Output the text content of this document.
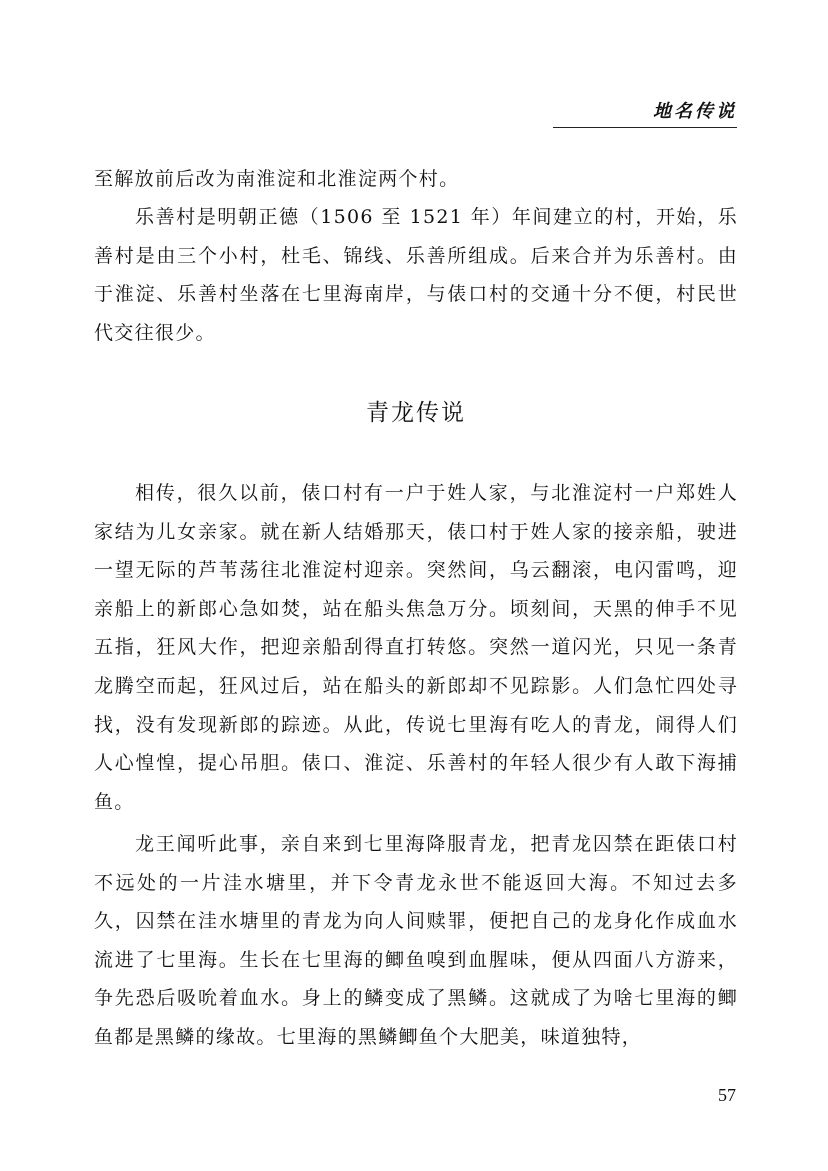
地名传说

至解放前后改为南淮淀和北淮淀两个村。

乐善村是明朝正德（1506 至 1521 年）年间建立的村，开始，乐善村是由三个小村，杜毛、锦线、乐善所组成。后来合并为乐善村。由于淮淀、乐善村坐落在七里海南岸，与俵口村的交通十分不便，村民世代交往很少。

青龙传说

相传，很久以前，俵口村有一户于姓人家，与北淮淀村一户郑姓人家结为儿女亲家。就在新人结婚那天，俵口村于姓人家的接亲船，驶进一望无际的芦苇荡往北淮淀村迎亲。突然间，乌云翻滚，电闪雷鸣，迎亲船上的新郎心急如焚，站在船头焦急万分。顷刻间，天黑的伸手不见五指，狂风大作，把迎亲船刮得直打转悠。突然一道闪光，只见一条青龙腾空而起，狂风过后，站在船头的新郎却不见踪影。人们急忙四处寻找，没有发现新郎的踪迹。从此，传说七里海有吃人的青龙，闹得人们人心惶惶，提心吊胆。俵口、淮淀、乐善村的年轻人很少有人敢下海捕鱼。

龙王闻听此事，亲自来到七里海降服青龙，把青龙囚禁在距俵口村不远处的一片洼水塘里，并下令青龙永世不能返回大海。不知过去多久，囚禁在洼水塘里的青龙为向人间赎罪，便把自己的龙身化作成血水流进了七里海。生长在七里海的鲫鱼嗅到血腥味，便从四面八方游来，争先恐后吸吮着血水。身上的鳞变成了黑鳞。这就成了为啥七里海的鲫鱼都是黑鳞的缘故。七里海的黑鳞鲫鱼个大肥美，味道独特，

57
